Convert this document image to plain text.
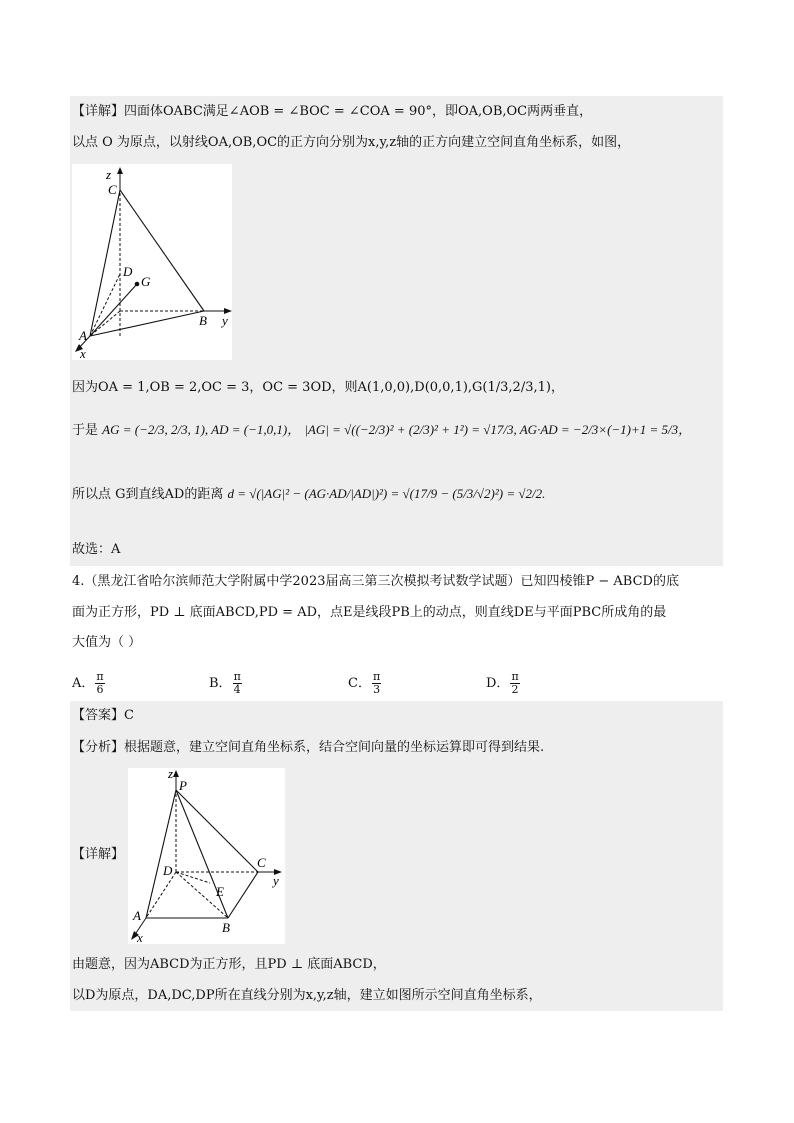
【详解】四面体OABC满足∠AOB = ∠BOC = ∠COA = 90°，即OA,OB,OC两两垂直，
以点 O 为原点，以射线OA,OB,OC的正方向分别为x,y,z轴的正方向建立空间直角坐标系，如图，
z
C
D
G
A
B y
x
因为OA = 1,OB = 2,OC = 3，OC = 3OD，则A(1,0,0),D(0,0,1),G(1/3,2/3,1)，
于是 AG = (−2/3, 2/3, 1), AD = (−1,0,1)， |AG| = √((−2/3)² + (2/3)² + 1²) = √17/3, AG·AD = −2/3×(−1)+1 = 5/3，
所以点 G到直线AD的距离 d = √(|AG|² − (AG·AD/|AD|)²) = √(17/9 − (5/3/√2)²) = √2/2.
故选：A
4.（黑龙江省哈尔滨师范大学附属中学2023届高三第三次模拟考试数学试题）已知四棱锥P − ABCD的底
面为正方形，PD ⊥ 底面ABCD,PD = AD，点E是线段PB上的动点，则直线DE与平面PBC所成角的最
大值为（ ）
A． $\frac{\pi}{6}$	B． $\frac{\pi}{4}$	C． $\frac{\pi}{3}$	D． $\frac{\pi}{2}$
【答案】C
【分析】根据题意，建立空间直角坐标系，结合空间向量的坐标运算即可得到结果.
【详解】
z
P
C
D
E
A
B
y
x
由题意，因为ABCD为正方形，且PD ⊥ 底面ABCD，
以D为原点，DA,DC,DP所在直线分别为x,y,z轴，建立如图所示空间直角坐标系，
